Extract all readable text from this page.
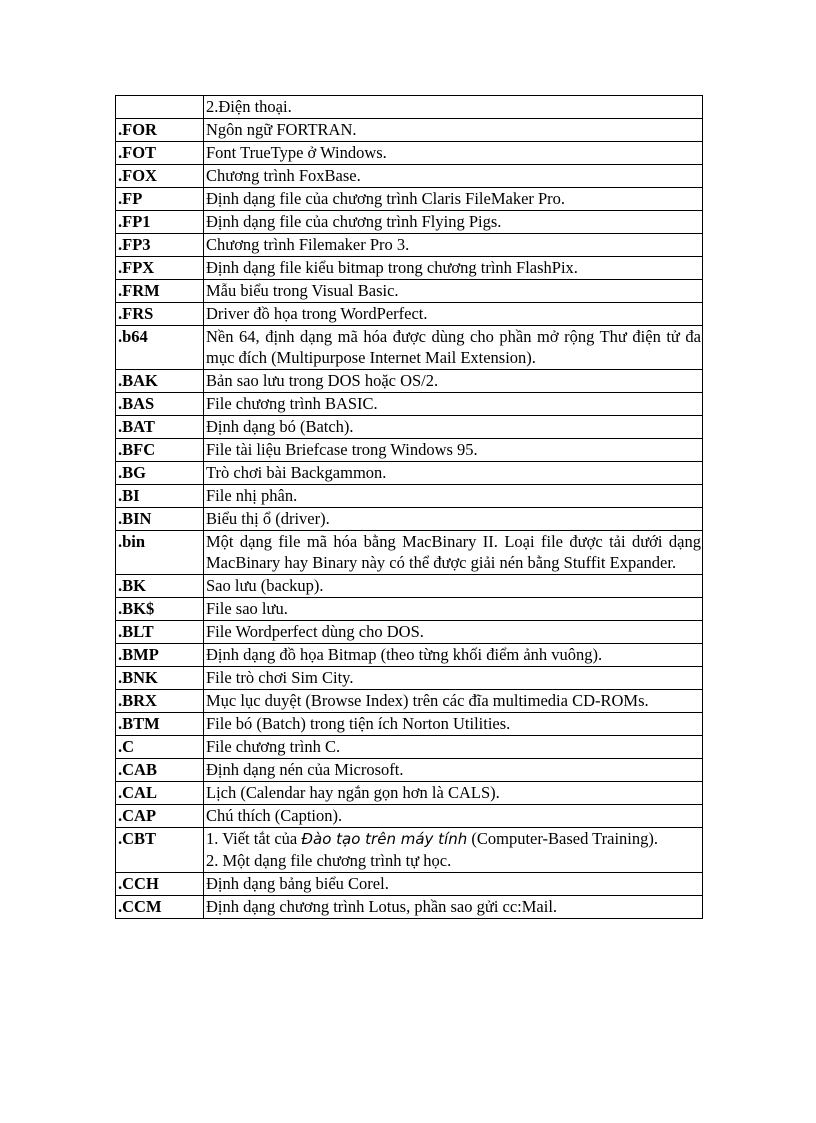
	2.Điện thoại.

.FOR	Ngôn ngữ FORTRAN.

.FOT	Font TrueType ở Windows.

.FOX	Chương trình FoxBase.

.FP	Định dạng file của chương trình Claris FileMaker Pro.

.FP1	Định dạng file của chương trình Flying Pigs.

.FP3	Chương trình Filemaker Pro 3.

.FPX	Định dạng file kiểu bitmap trong chương trình FlashPix.

.FRM	Mẫu biểu trong Visual Basic.

.FRS	Driver đồ họa trong WordPerfect.

.b64	Nền 64, định dạng mã hóa được dùng cho phần mở rộng Thư điện tử đa mục đích (Multipurpose Internet Mail Extension).

.BAK	Bản sao lưu trong DOS hoặc OS/2.

.BAS	File chương trình BASIC.

.BAT	Định dạng bó (Batch).

.BFC	File tài liệu Briefcase trong Windows 95.

.BG	Trò chơi bài Backgammon.

.BI	File nhị phân.

.BIN	Biểu thị ổ (driver).

.bin	Một dạng file mã hóa bằng MacBinary II. Loại file được tải dưới dạng MacBinary hay Binary này có thể được giải nén bằng Stuffit Expander.

.BK	Sao lưu (backup).

.BK$	File sao lưu.

.BLT	File Wordperfect dùng cho DOS.

.BMP	Định dạng đồ họa Bitmap (theo từng khối điểm ảnh vuông).

.BNK	File trò chơi Sim City.

.BRX	Mục lục duyệt (Browse Index) trên các đĩa multimedia CD-ROMs.

.BTM	File bó (Batch) trong tiện ích Norton Utilities.

.C	File chương trình C.

.CAB	Định dạng nén của Microsoft.

.CAL	Lịch (Calendar hay ngắn gọn hơn là CALS).

.CAP	Chú thích (Caption).

.CBT	1. Viết tắt của Đào tạo trên máy tính (Computer-Based Training).
2. Một dạng file chương trình tự học.

.CCH	Định dạng bảng biểu Corel.

.CCM	Định dạng chương trình Lotus, phần sao gửi cc:Mail.
